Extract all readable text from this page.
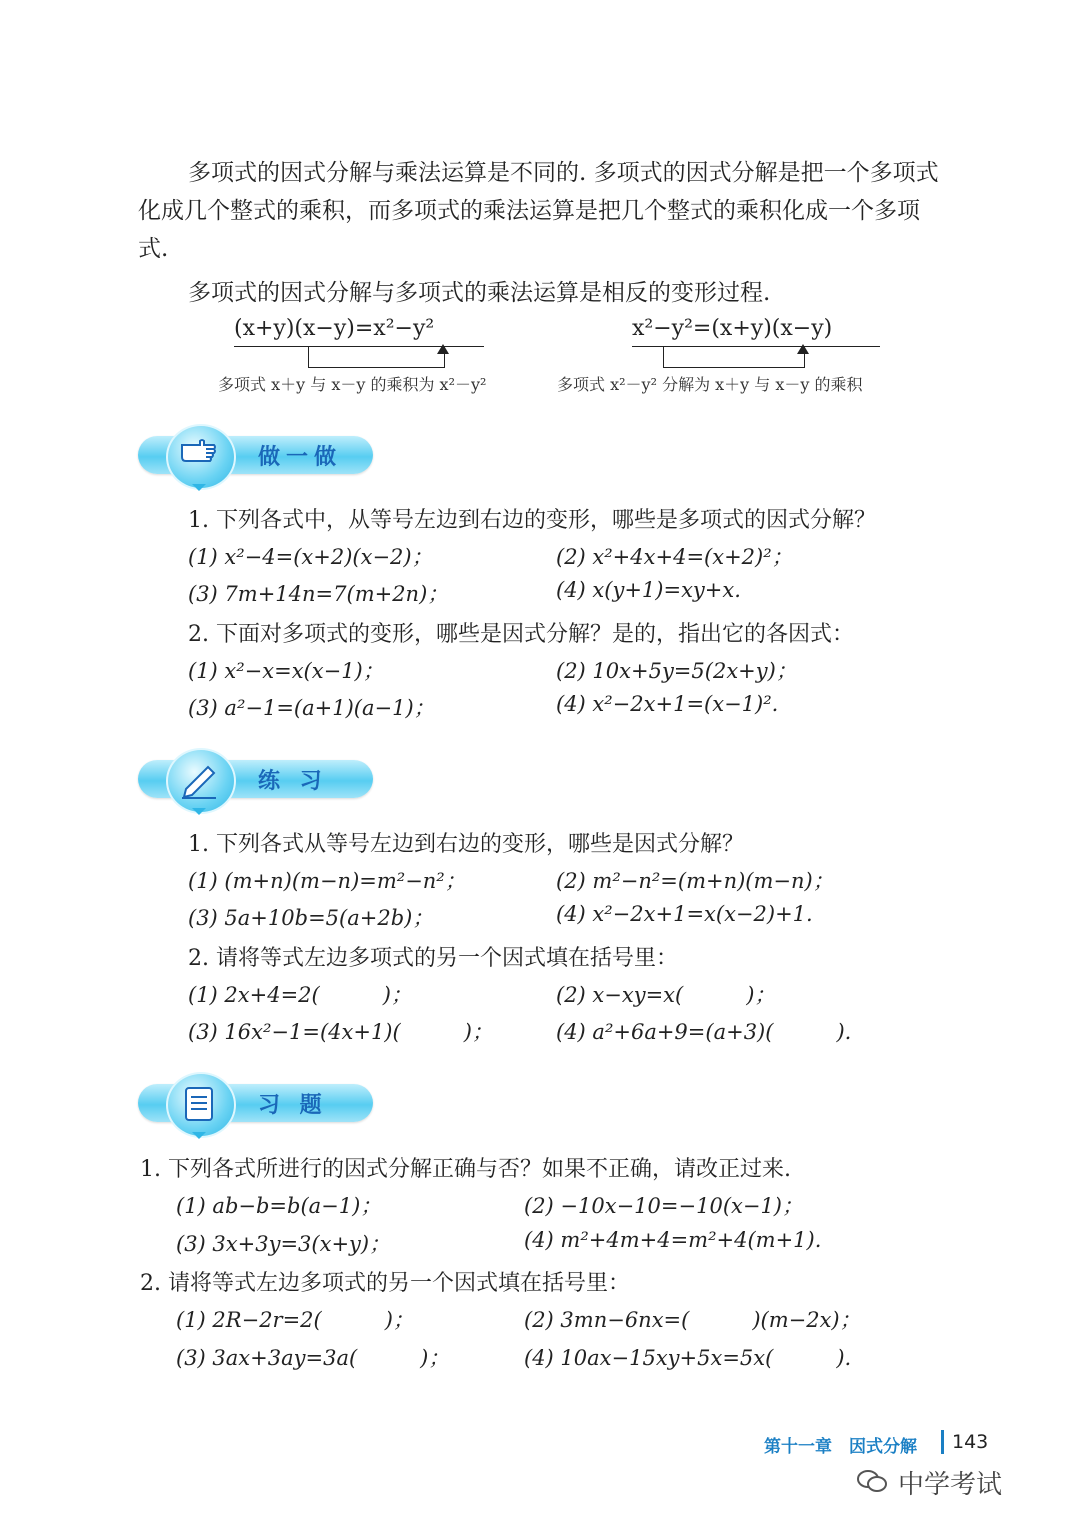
多项式的因式分解与乘法运算是不同的. 多项式的因式分解是把一个多项式化成几个整式的乘积，而多项式的乘法运算是把几个整式的乘积化成一个多项式.
多项式的因式分解与多项式的乘法运算是相反的变形过程.
(x+y)(x−y)=x²−y²
多项式 x＋y 与 x－y 的乘积为 x²－y²
x²−y²=(x+y)(x−y)
多项式 x²－y² 分解为 x＋y 与 x－y 的乘积
做一做
1. 下列各式中，从等号左边到右边的变形，哪些是多项式的因式分解？
(1) x²−4=(x+2)(x−2)；	(2) x²+4x+4=(x+2)²；
(3) 7m+14n=7(m+2n)；	(4) x(y+1)=xy+x.
2. 下面对多项式的变形，哪些是因式分解？是的，指出它的各因式：
(1) x²−x=x(x−1)；	(2) 10x+5y=5(2x+y)；
(3) a²−1=(a+1)(a−1)；	(4) x²−2x+1=(x−1)².
练 习
1. 下列各式从等号左边到右边的变形，哪些是因式分解？
(1) (m+n)(m−n)=m²−n²；	(2) m²−n²=(m+n)(m−n)；
(3) 5a+10b=5(a+2b)；	(4) x²−2x+1=x(x−2)+1.
2. 请将等式左边多项式的另一个因式填在括号里：
(1) 2x+4=2(　　　)；	(2) x−xy=x(　　　)；
(3) 16x²−1=(4x+1)(　　　)；	(4) a²+6a+9=(a+3)(　　　).
习 题
1. 下列各式所进行的因式分解正确与否？如果不正确，请改正过来.
(1) ab−b=b(a−1)；	(2) −10x−10=−10(x−1)；
(3) 3x+3y=3(x+y)；	(4) m²+4m+4=m²+4(m+1).
2. 请将等式左边多项式的另一个因式填在括号里：
(1) 2R−2r=2(　　　)；	(2) 3mn−6nx=(　　　)(m−2x)；
(3) 3ax+3ay=3a(　　　)；	(4) 10ax−15xy+5x=5x(　　　).
第十一章　因式分解 143
中学考试
